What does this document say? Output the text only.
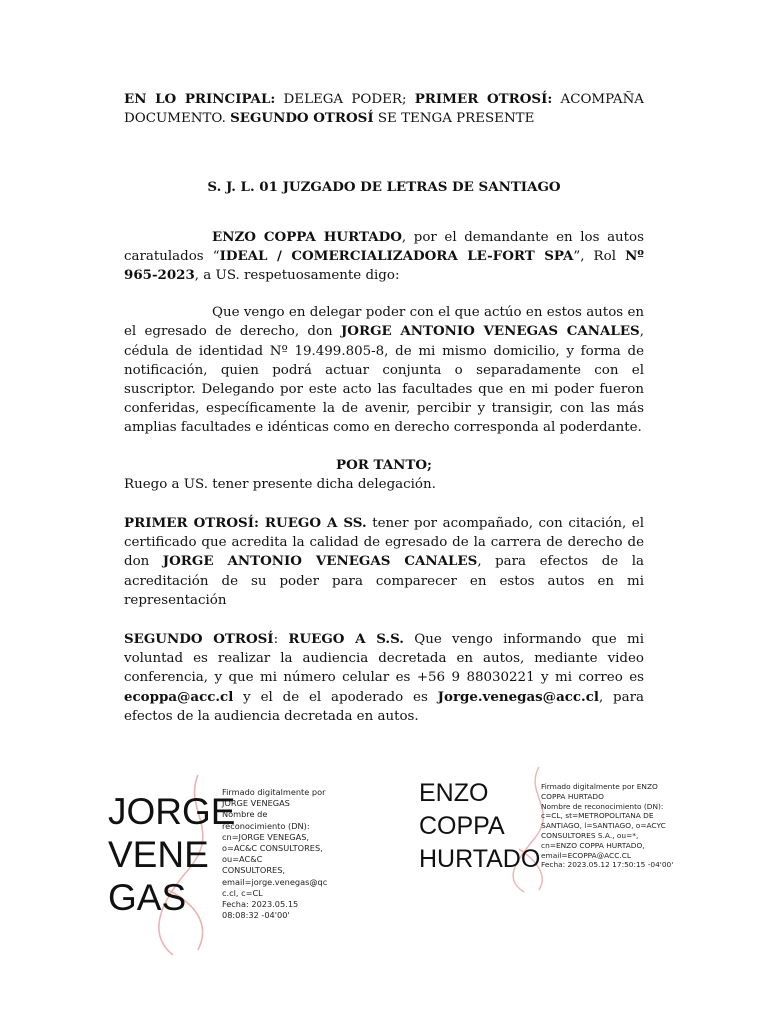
EN LO PRINCIPAL: DELEGA PODER; PRIMER OTROSÍ: ACOMPAÑA DOCUMENTO. SEGUNDO OTROSÍ SE TENGA PRESENTE

S. J. L. 01 JUZGADO DE LETRAS DE SANTIAGO

ENZO COPPA HURTADO, por el demandante en los autos caratulados “IDEAL / COMERCIALIZADORA LE-FORT SPA”, Rol Nº 965-2023, a US. respetuosamente digo:

Que vengo en delegar poder con el que actúo en estos autos en el egresado de derecho, don JORGE ANTONIO VENEGAS CANALES, cédula de identidad Nº 19.499.805-8, de mi mismo domicilio, y forma de notificación, quien podrá actuar conjunta o separadamente con el suscriptor. Delegando por este acto las facultades que en mi poder fueron conferidas, específicamente la de avenir, percibir y transigir, con las más amplias facultades e idénticas como en derecho corresponda al poderdante.

POR TANTO;

Ruego a US. tener presente dicha delegación.

PRIMER OTROSÍ: RUEGO A SS. tener por acompañado, con citación, el certificado que acredita la calidad de egresado de la carrera de derecho de don JORGE ANTONIO VENEGAS CANALES, para efectos de la acreditación de su poder para comparecer en estos autos en mi representación

SEGUNDO OTROSÍ: RUEGO A S.S. Que vengo informando que mi voluntad es realizar la audiencia decretada en autos, mediante video conferencia, y que mi número celular es +56 9 88030221 y mi correo es ecoppa@acc.cl y el de el apoderado es Jorge.venegas@acc.cl, para efectos de la audiencia decretada en autos.

JORGE
VENE
GAS
Firmado digitalmente por
JORGE VENEGAS
Nombre de
reconocimiento (DN):
cn=JORGE VENEGAS,
o=AC&C CONSULTORES,
ou=AC&C
CONSULTORES,
email=jorge.venegas@qc
c.cl, c=CL
Fecha: 2023.05.15
08:08:32 -04'00'
ENZO
COPPA
HURTADO
Firmado digitalmente por ENZO
COPPA HURTADO
Nombre de reconocimiento (DN):
c=CL, st=METROPOLITANA DE
SANTIAGO, l=SANTIAGO, o=ACYC
CONSULTORES S.A., ou=*,
cn=ENZO COPPA HURTADO,
email=ECOPPA@ACC.CL
Fecha: 2023.05.12 17:50:15 -04'00'
